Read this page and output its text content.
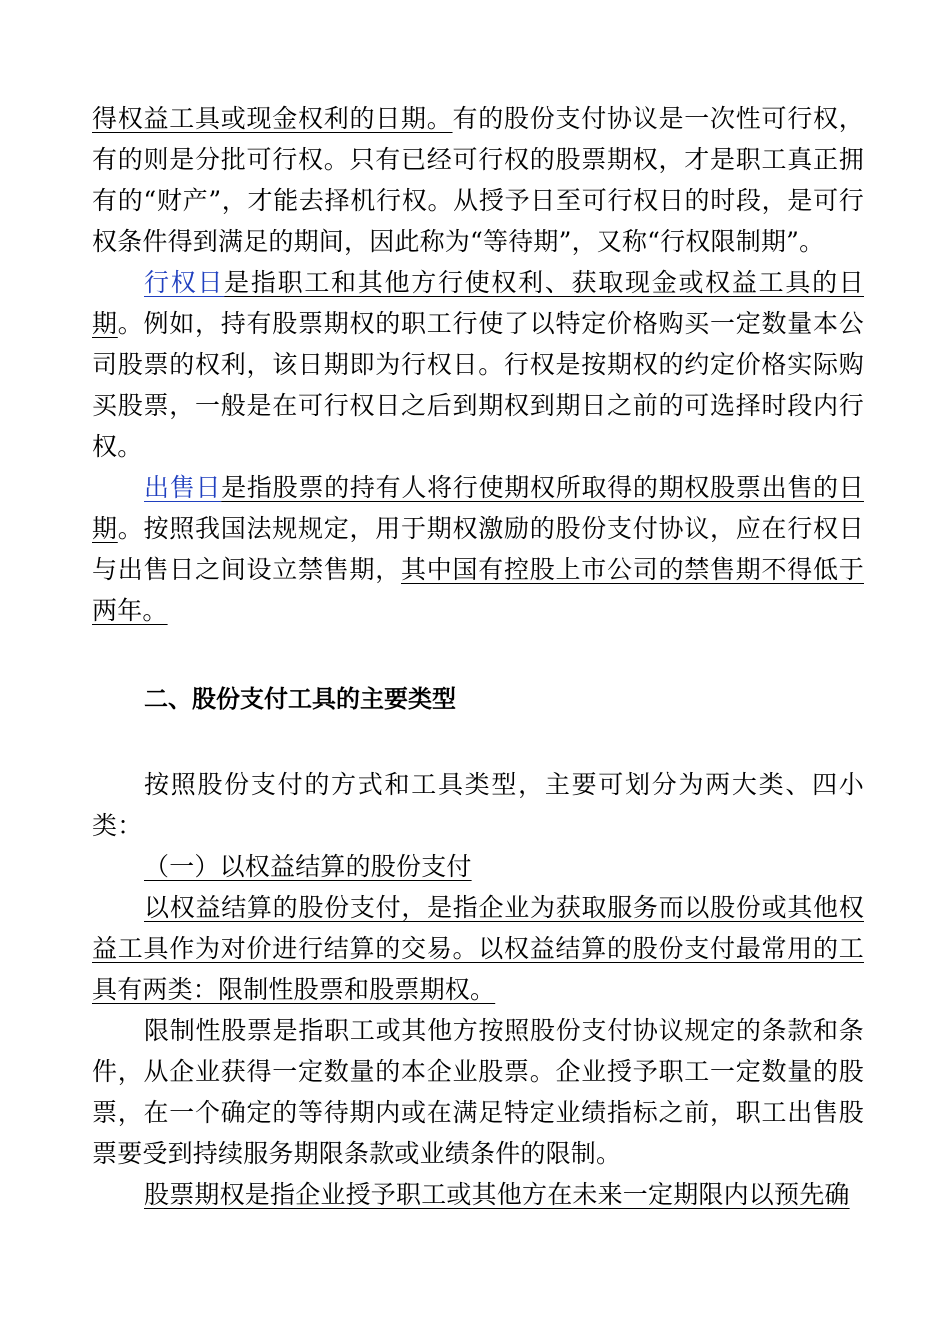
得权益工具或现金权利的日期。有的股份支付协议是一次性可行权，有的则是分批可行权。只有已经可行权的股票期权，才是职工真正拥有的“财产”，才能去择机行权。从授予日至可行权日的时段，是可行权条件得到满足的期间，因此称为“等待期”，又称“行权限制期”。

行权日是指职工和其他方行使权利、获取现金或权益工具的日期。例如，持有股票期权的职工行使了以特定价格购买一定数量本公司股票的权利，该日期即为行权日。行权是按期权的约定价格实际购买股票，一般是在可行权日之后到期权到期日之前的可选择时段内行权。

出售日是指股票的持有人将行使期权所取得的期权股票出售的日期。按照我国法规规定，用于期权激励的股份支付协议，应在行权日与出售日之间设立禁售期，其中国有控股上市公司的禁售期不得低于两年。

二、股份支付工具的主要类型

按照股份支付的方式和工具类型，主要可划分为两大类、四小类：

（一）以权益结算的股份支付

以权益结算的股份支付，是指企业为获取服务而以股份或其他权益工具作为对价进行结算的交易。以权益结算的股份支付最常用的工具有两类：限制性股票和股票期权。

限制性股票是指职工或其他方按照股份支付协议规定的条款和条件，从企业获得一定数量的本企业股票。企业授予职工一定数量的股票，在一个确定的等待期内或在满足特定业绩指标之前，职工出售股票要受到持续服务期限条款或业绩条件的限制。

股票期权是指企业授予职工或其他方在未来一定期限内以预先确
